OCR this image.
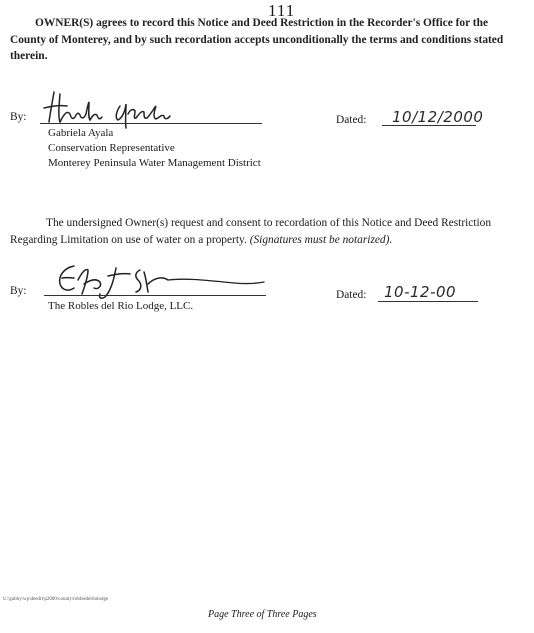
111
OWNER(S) agrees to record this Notice and Deed Restriction in the Recorder's Office for the County of Monterey, and by such recordation accepts unconditionally the terms and conditions stated therein.
By:
Gabriela Ayala
Conservation Representative
Monterey Peninsula Water Management District
Dated: 10/12/2000
The undersigned Owner(s) request and consent to recordation of this Notice and Deed Restriction Regarding Limitation on use of water on a property. (Signatures must be notarized).
By:
The Robles del Rio Lodge, LLC.
Dated: 10-12-00
U:\gabby\wp\deedrt\p2000\county\roblesdelriolodge
Page Three of Three Pages
